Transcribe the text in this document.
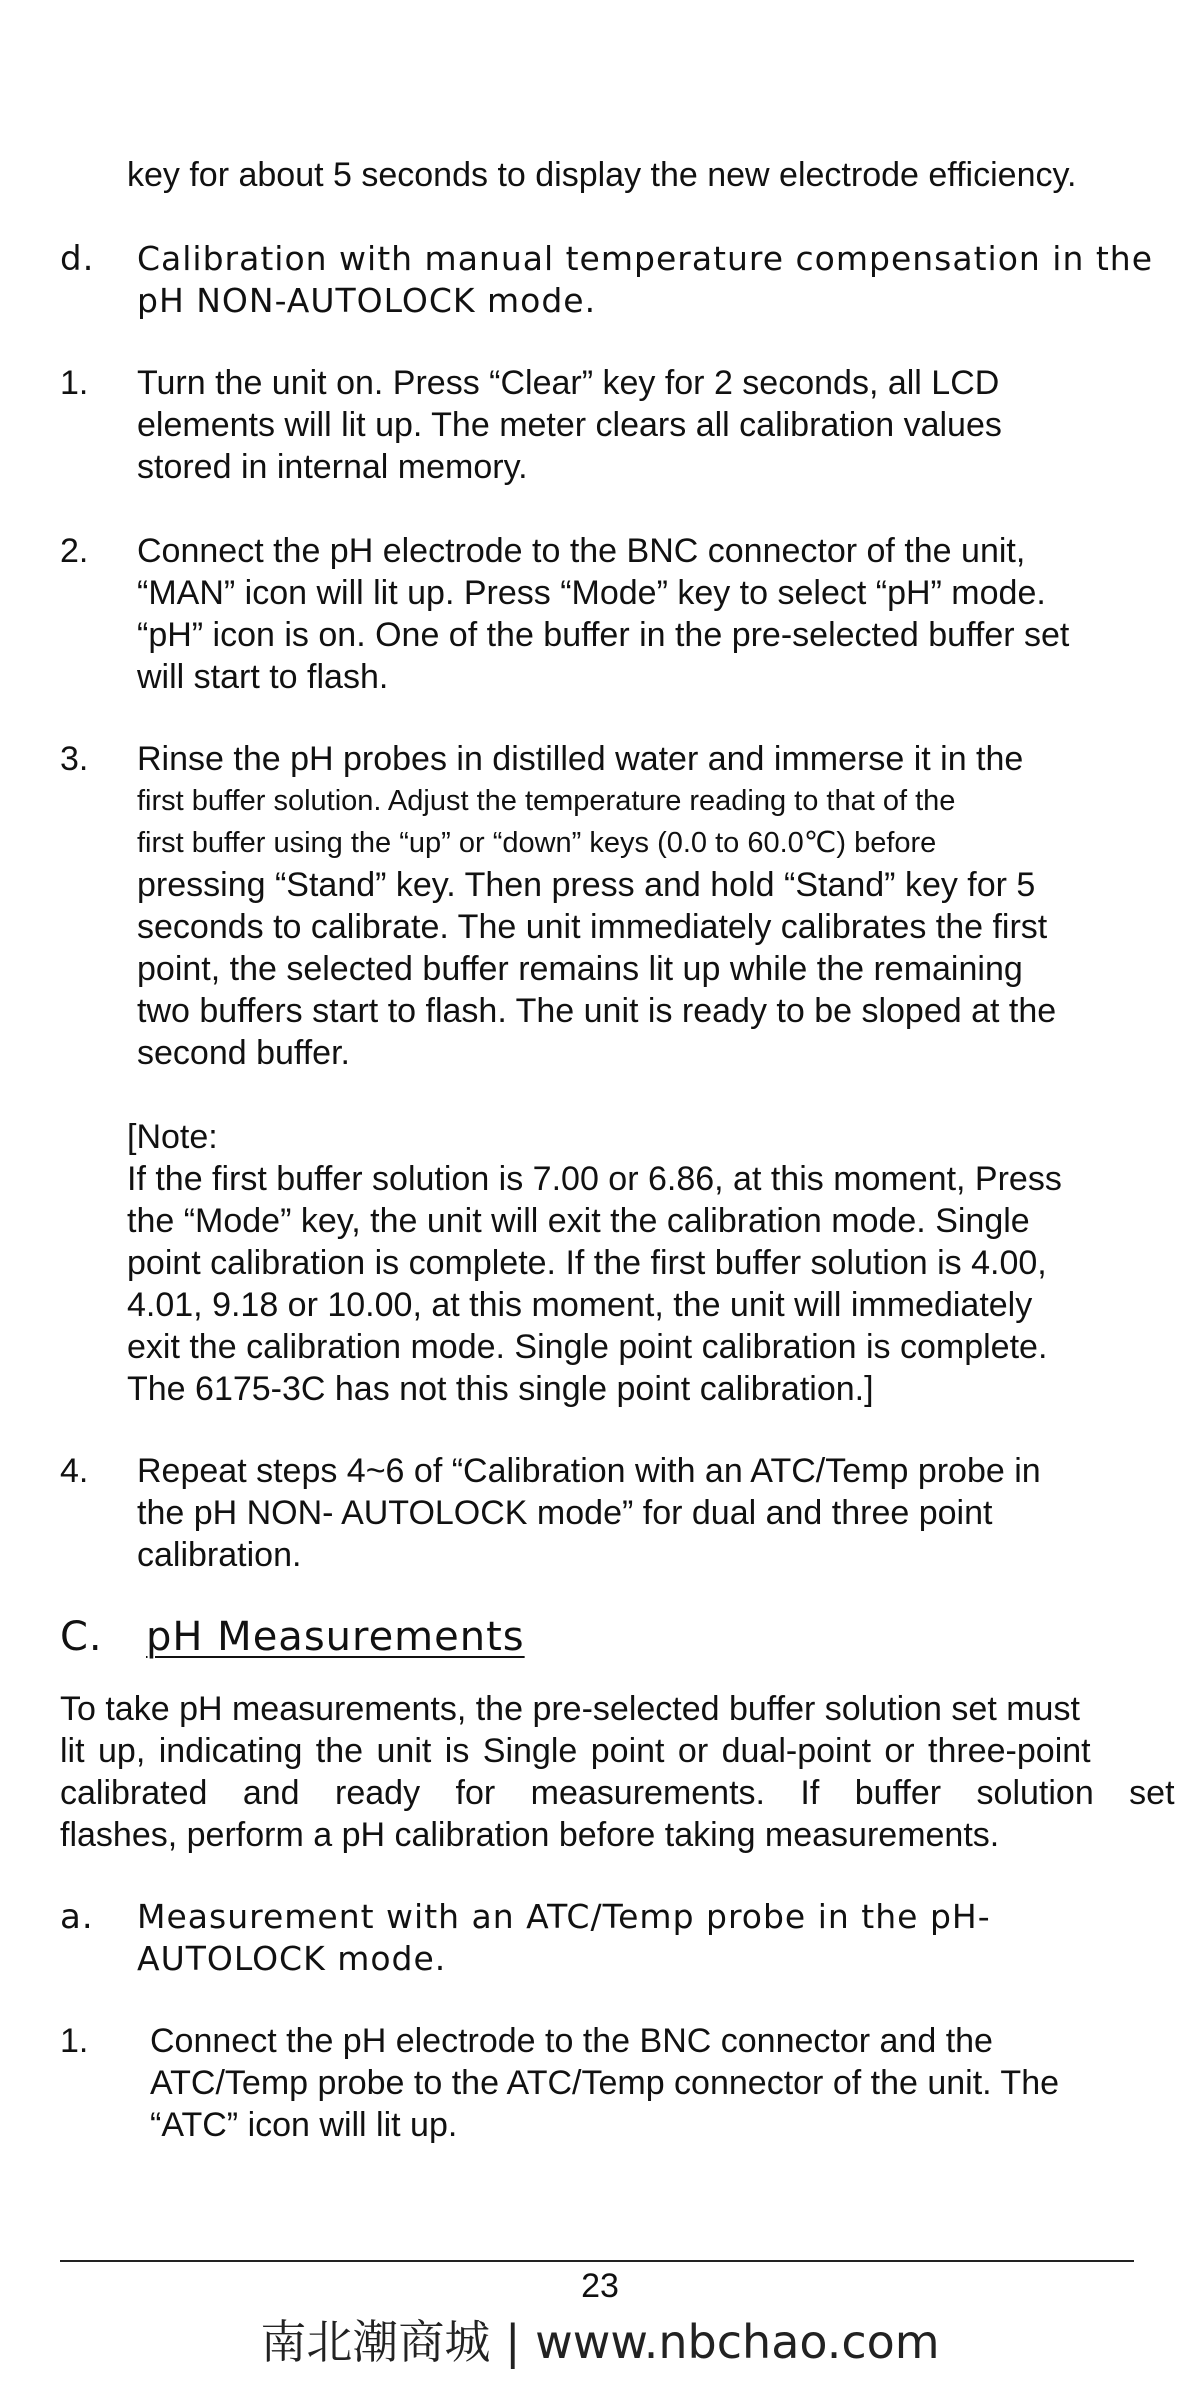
key for about 5 seconds to display the new electrode efficiency.
d. Calibration with manual temperature compensation in the
pH NON-AUTOLOCK mode.
1. Turn the unit on. Press “Clear” key for 2 seconds, all LCD
elements will lit up. The meter clears all calibration values
stored in internal memory.
2. Connect the pH electrode to the BNC connector of the unit,
“MAN” icon will lit up. Press “Mode” key to select “pH” mode.
“pH” icon is on. One of the buffer in the pre-selected buffer set
will start to flash.
3. Rinse the pH probes in distilled water and immerse it in the
first buffer solution. Adjust the temperature reading to that of the
first buffer using the “up” or “down” keys (0.0 to 60.0℃) before
pressing “Stand” key. Then press and hold “Stand” key for 5
seconds to calibrate. The unit immediately calibrates the first
point, the selected buffer remains lit up while the remaining
two buffers start to flash. The unit is ready to be sloped at the
second buffer.
[Note:
If the first buffer solution is 7.00 or 6.86, at this moment, Press
the “Mode” key, the unit will exit the calibration mode. Single
point calibration is complete. If the first buffer solution is 4.00,
4.01, 9.18 or 10.00, at this moment, the unit will immediately
exit the calibration mode. Single point calibration is complete.
The 6175-3C has not this single point calibration.]
4. Repeat steps 4~6 of “Calibration with an ATC/Temp probe in
the pH NON- AUTOLOCK mode” for dual and three point
calibration.
C. pH Measurements
To take pH measurements, the pre-selected buffer solution set must
lit up, indicating the unit is Single point or dual-point or three-point
calibrated and ready for measurements. If buffer solution set
flashes, perform a pH calibration before taking measurements.
a. Measurement with an ATC/Temp probe in the pH-
AUTOLOCK mode.
1. Connect the pH electrode to the BNC connector and the
ATC/Temp probe to the ATC/Temp connector of the unit. The
“ATC” icon will lit up.
23
南北潮商城 | www.nbchao.com
